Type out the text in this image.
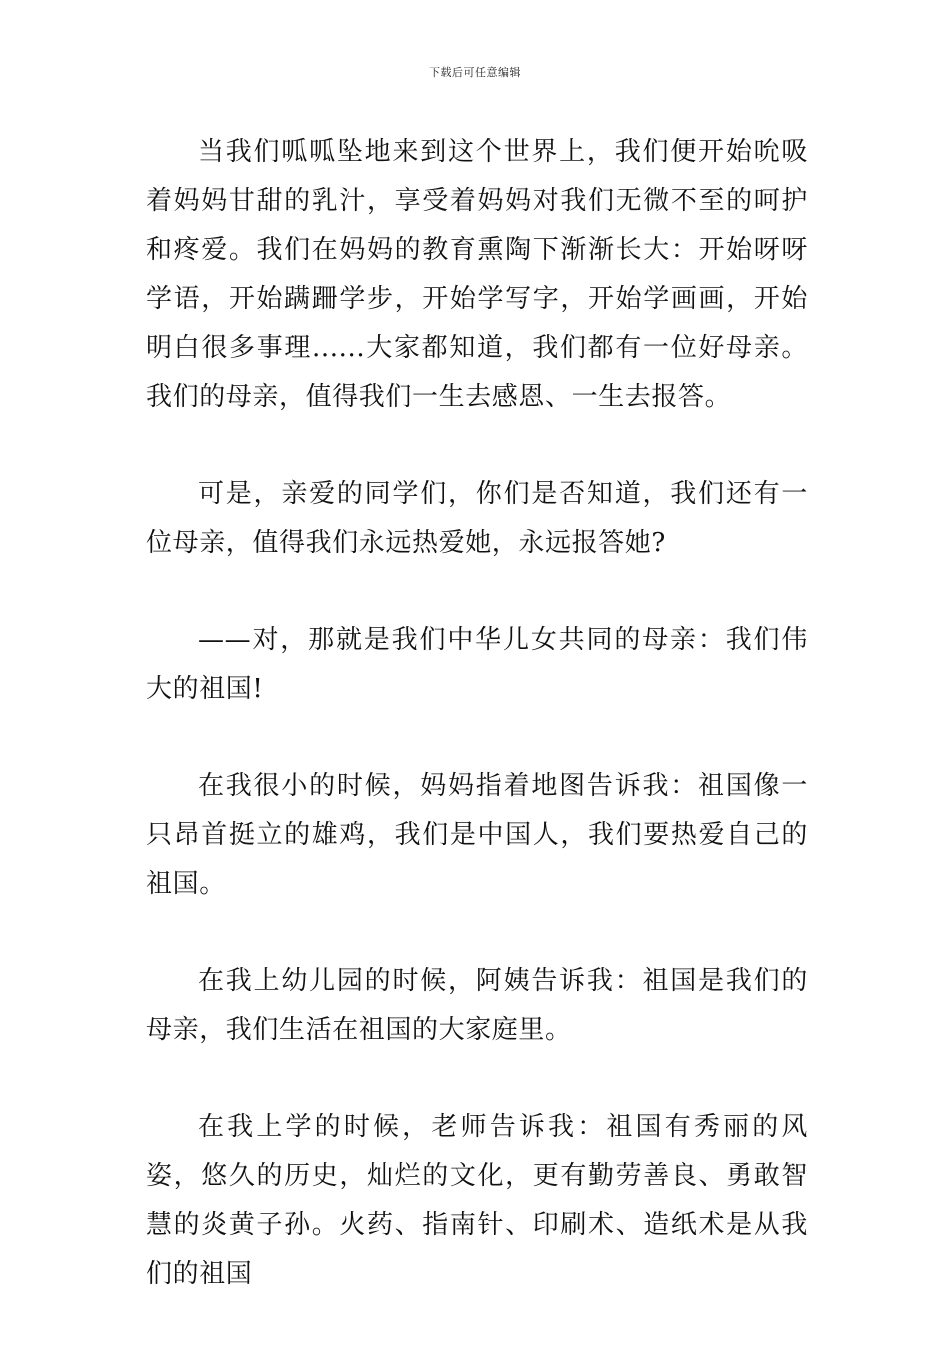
下载后可任意编辑

当我们呱呱坠地来到这个世界上，我们便开始吮吸着妈妈甘甜的乳汁，享受着妈妈对我们无微不至的呵护和疼爱。我们在妈妈的教育熏陶下渐渐长大：开始呀呀学语，开始蹒跚学步，开始学写字，开始学画画，开始明白很多事理......大家都知道，我们都有一位好母亲。我们的母亲，值得我们一生去感恩、一生去报答。

可是，亲爱的同学们，你们是否知道，我们还有一位母亲，值得我们永远热爱她，永远报答她?

——对，那就是我们中华儿女共同的母亲：我们伟大的祖国!

在我很小的时候，妈妈指着地图告诉我：祖国像一只昂首挺立的雄鸡，我们是中国人，我们要热爱自己的祖国。

在我上幼儿园的时候，阿姨告诉我：祖国是我们的母亲，我们生活在祖国的大家庭里。

在我上学的时候，老师告诉我：祖国有秀丽的风姿，悠久的历史，灿烂的文化，更有勤劳善良、勇敢智慧的炎黄子孙。火药、指南针、印刷术、造纸术是从我们的祖国
